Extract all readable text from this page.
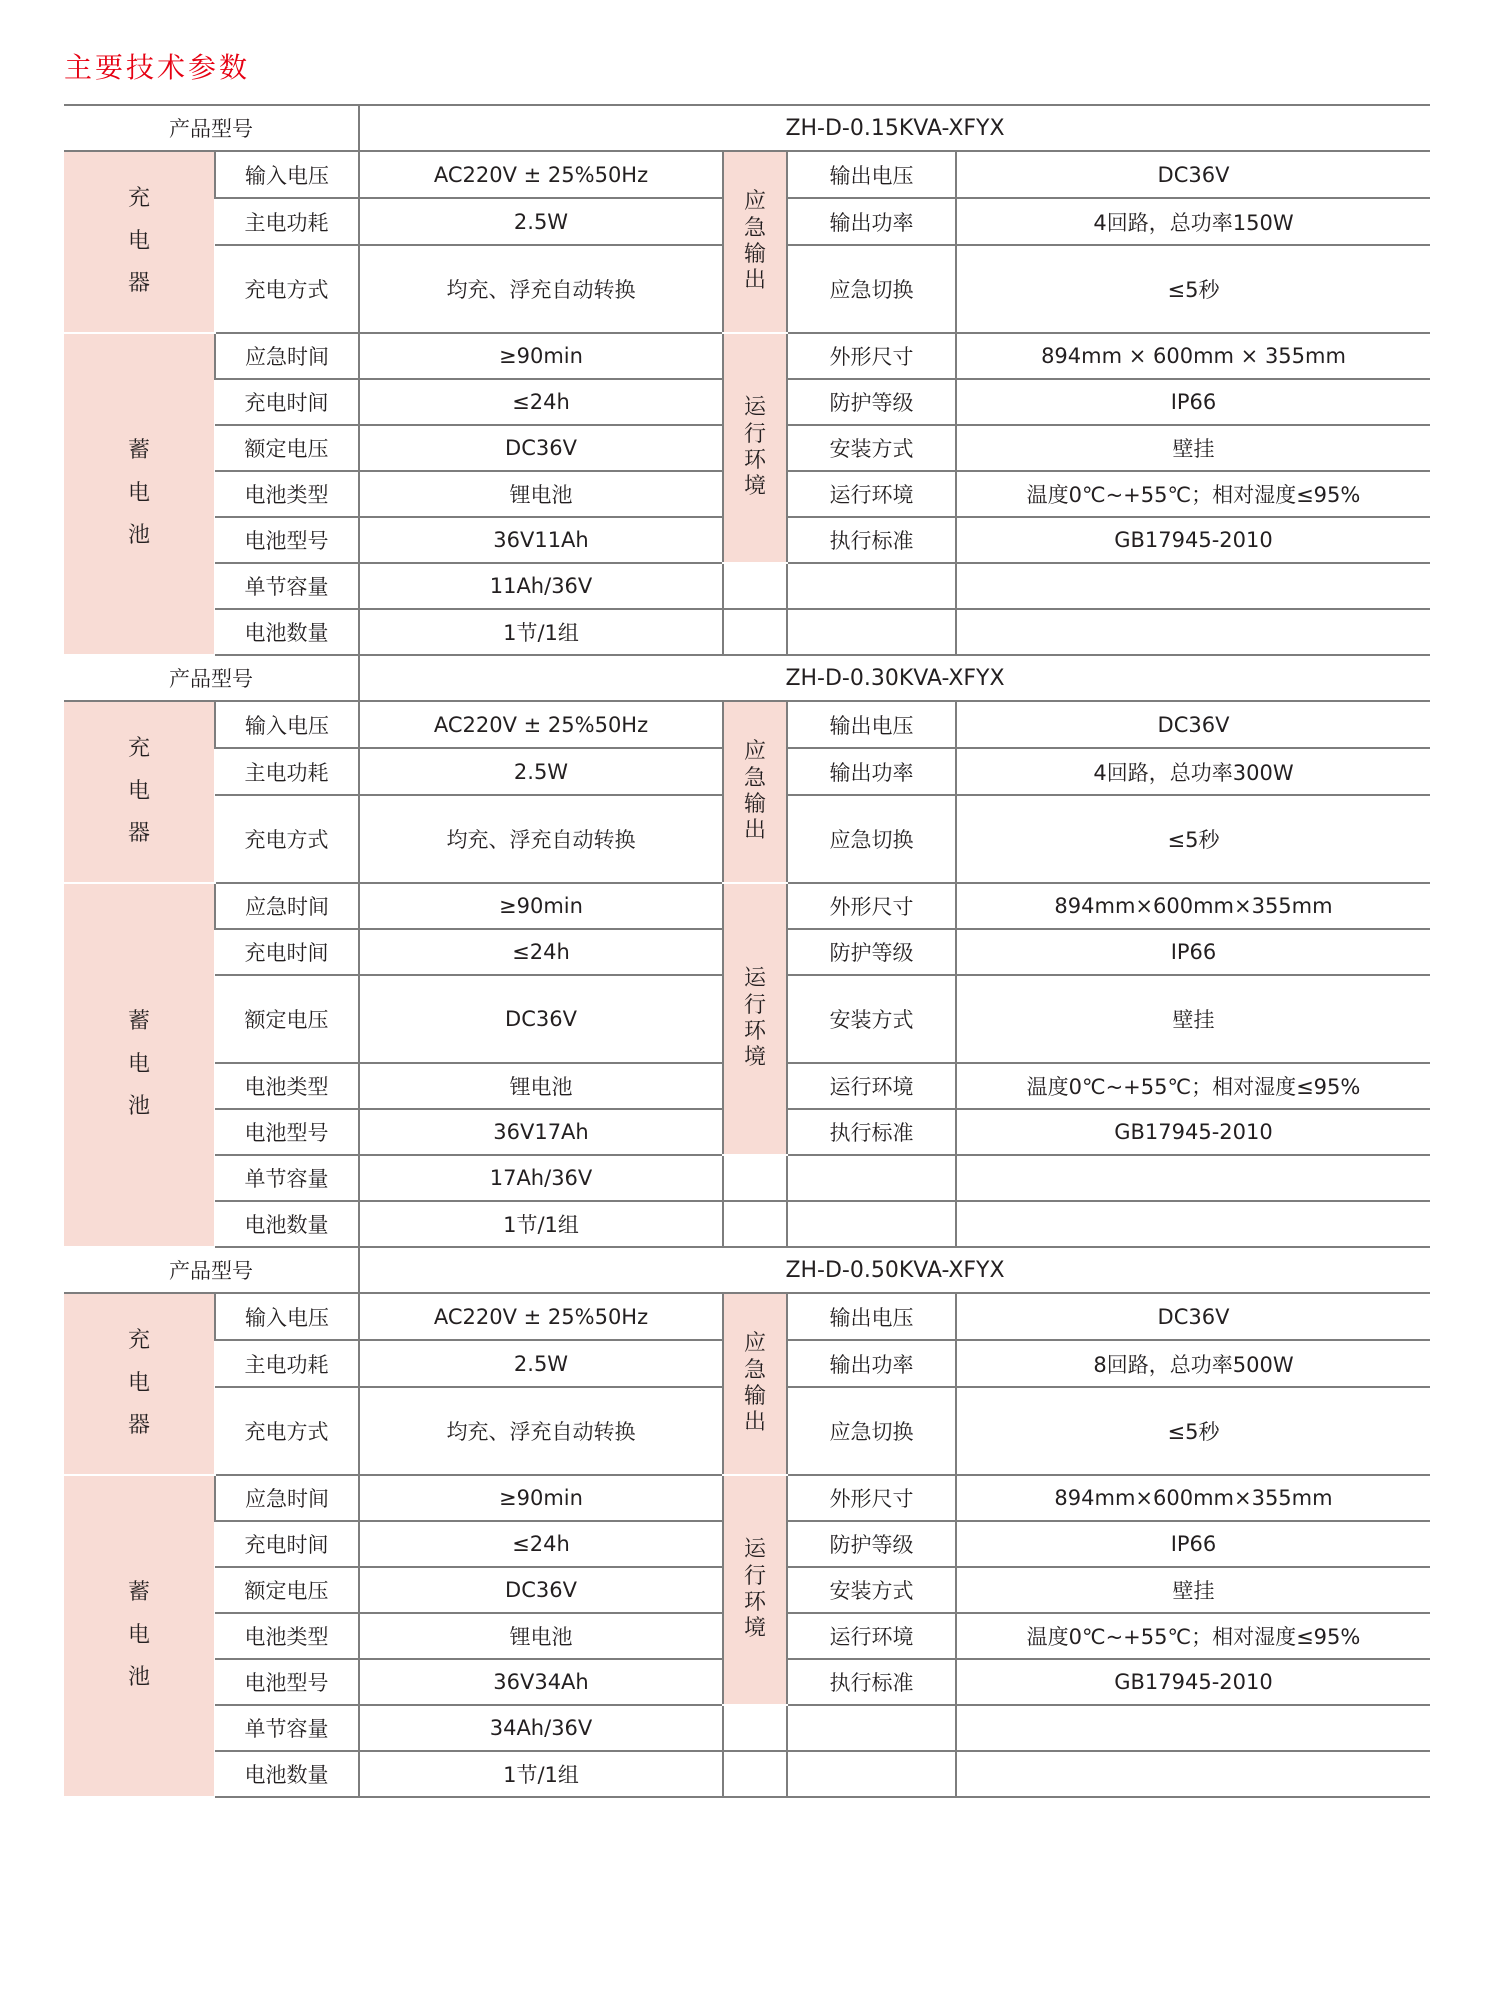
主要技术参数
产品型号		ZH-D-0.15KVA-XFYX			
充电器	输入电压	AC220V ± 25%50Hz	应急输出	输出电压	DC36V
	主电功耗	2.5W		输出功率	4回路，总功率150W
	充电方式	均充、浮充自动转换		应急切换	≤5秒
蓄电池	应急时间	≥90min	运行环境	外形尺寸	894mm × 600mm × 355mm
	充电时间	≤24h		防护等级	IP66
	额定电压	DC36V		安装方式	壁挂
	电池类型	锂电池		运行环境	温度0℃~+55℃；相对湿度≤95%
	电池型号	36V11Ah		执行标准	GB17945-2010
	单节容量	11Ah/36V			
	电池数量	1节/1组			
产品型号		ZH-D-0.30KVA-XFYX			
充电器	输入电压	AC220V ± 25%50Hz	应急输出	输出电压	DC36V
	主电功耗	2.5W		输出功率	4回路，总功率300W
	充电方式	均充、浮充自动转换		应急切换	≤5秒
蓄电池	应急时间	≥90min	运行环境	外形尺寸	894mm×600mm×355mm
	充电时间	≤24h		防护等级	IP66
	额定电压	DC36V		安装方式	壁挂
	电池类型	锂电池		运行环境	温度0℃~+55℃；相对湿度≤95%
	电池型号	36V17Ah		执行标准	GB17945-2010
	单节容量	17Ah/36V			
	电池数量	1节/1组			
产品型号		ZH-D-0.50KVA-XFYX			
充电器	输入电压	AC220V ± 25%50Hz	应急输出	输出电压	DC36V
	主电功耗	2.5W		输出功率	8回路，总功率500W
	充电方式	均充、浮充自动转换		应急切换	≤5秒
蓄电池	应急时间	≥90min	运行环境	外形尺寸	894mm×600mm×355mm
	充电时间	≤24h		防护等级	IP66
	额定电压	DC36V		安装方式	壁挂
	电池类型	锂电池		运行环境	温度0℃~+55℃；相对湿度≤95%
	电池型号	36V34Ah		执行标准	GB17945-2010
	单节容量	34Ah/36V			
	电池数量	1节/1组			
